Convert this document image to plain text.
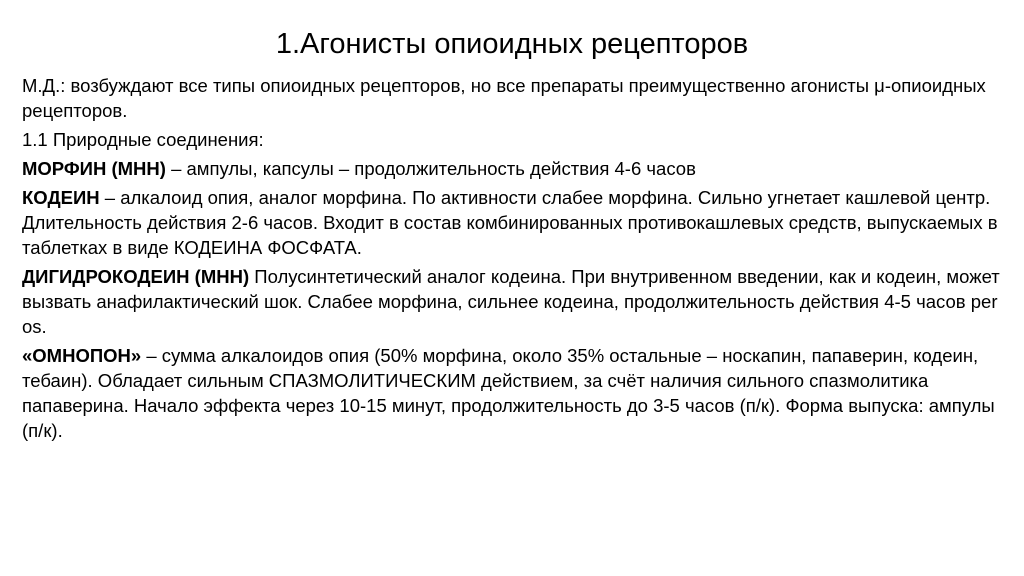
1.Агонисты опиоидных рецепторов

М.Д.: возбуждают все типы опиоидных рецепторов, но все препараты преимущественно агонисты μ-опиоидных рецепторов.

1.1 Природные соединения:

МОРФИН (МНН) – ампулы, капсулы – продолжительность действия 4-6 часов

КОДЕИН – алкалоид опия, аналог морфина. По активности слабее морфина. Сильно угнетает кашлевой центр. Длительность действия 2-6 часов. Входит в состав комбинированных противокашлевых средств, выпускаемых в таблетках в виде КОДЕИНА ФОСФАТА.

ДИГИДРОКОДЕИН (МНН) Полусинтетический аналог кодеина. При внутривенном введении, как и кодеин, может вызвать анафилактический шок. Слабее морфина, сильнее кодеина, продолжительность действия 4-5 часов per os.

«ОМНОПОН» – сумма алкалоидов опия (50% морфина, около 35% остальные – носкапин, папаверин, кодеин, тебаин). Обладает сильным СПАЗМОЛИТИЧЕСКИМ действием, за счёт наличия сильного спазмолитика папаверина. Начало эффекта через 10-15 минут, продолжительность до 3-5 часов (п/к). Форма выпуска: ампулы (п/к).
